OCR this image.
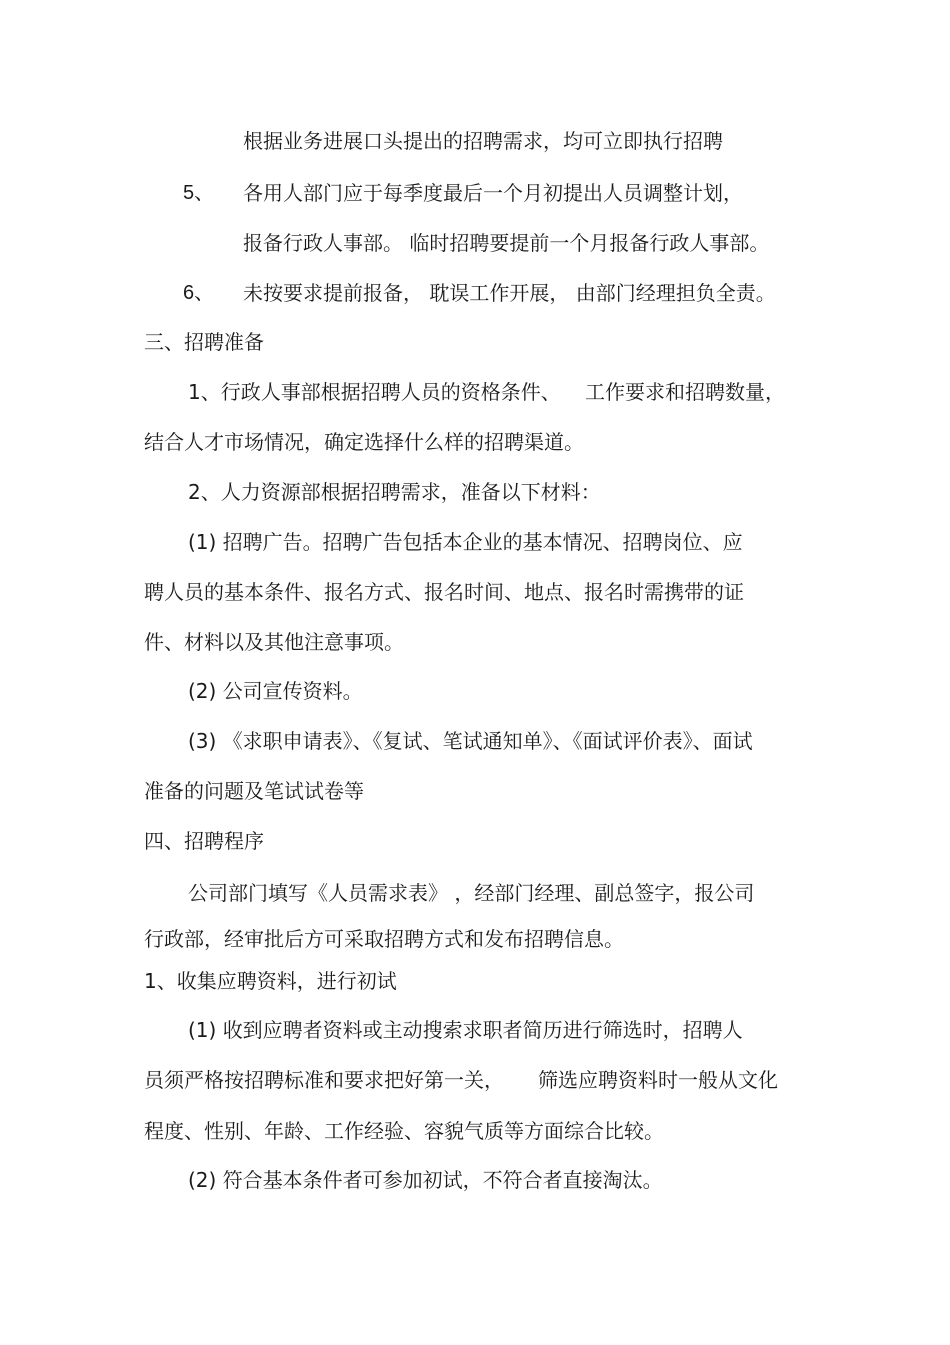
根据业务进展口头提出的招聘需求，均可立即执行招聘
5、 各用人部门应于每季度最后一个月初提出人员调整计划，
报备行政人事部。 临时招聘要提前一个月报备行政人事部。
6、 未按要求提前报备， 耽误工作开展， 由部门经理担负全责。
三、招聘准备
1、行政人事部根据招聘人员的资格条件、 工作要求和招聘数量，
结合人才市场情况，确定选择什么样的招聘渠道。
2、人力资源部根据招聘需求，准备以下材料：
(1) 招聘广告。招聘广告包括本企业的基本情况、招聘岗位、应
聘人员的基本条件、报名方式、报名时间、地点、报名时需携带的证
件、材料以及其他注意事项。
(2) 公司宣传资料。
(3) 《求职申请表》、《复试、笔试通知单》、《面试评价表》、面试
准备的问题及笔试试卷等
四、招聘程序
公司部门填写《人员需求表》 ，经部门经理、副总签字，报公司
行政部，经审批后方可采取招聘方式和发布招聘信息。
1、收集应聘资料，进行初试
(1) 收到应聘者资料或主动搜索求职者简历进行筛选时，招聘人
员须严格按招聘标准和要求把好第一关， 筛选应聘资料时一般从文化
程度、性别、年龄、工作经验、容貌气质等方面综合比较。
(2) 符合基本条件者可参加初试，不符合者直接淘汰。
